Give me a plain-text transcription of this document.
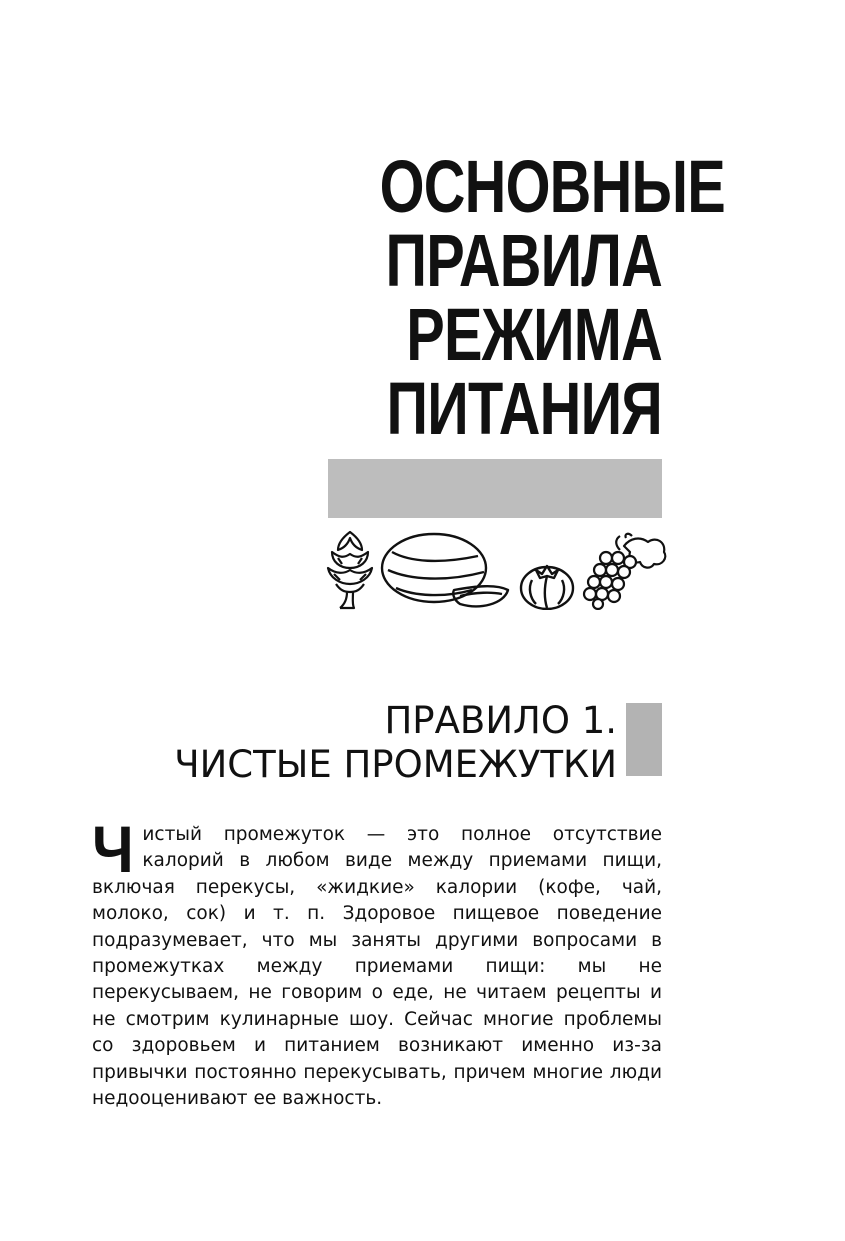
ОСНОВНЫЕ
ПРАВИЛА
РЕЖИМА
ПИТАНИЯ
ПРАВИЛО 1.
ЧИСТЫЕ ПРОМЕЖУТКИ
Чистый промежуток — это полное отсутствие калорий в любом виде между приемами пищи, включая перекусы, «жидкие» калории (кофе, чай, молоко, сок) и т. п. Здоровое пищевое поведение подразумевает, что мы заняты другими вопросами в промежутках между приемами пищи: мы не перекусываем, не говорим о еде, не читаем рецепты и не смотрим кулинарные шоу. Сейчас многие проблемы со здоровьем и питанием возникают именно из-за привычки постоянно перекусывать, причем многие люди недооценивают ее важность.
